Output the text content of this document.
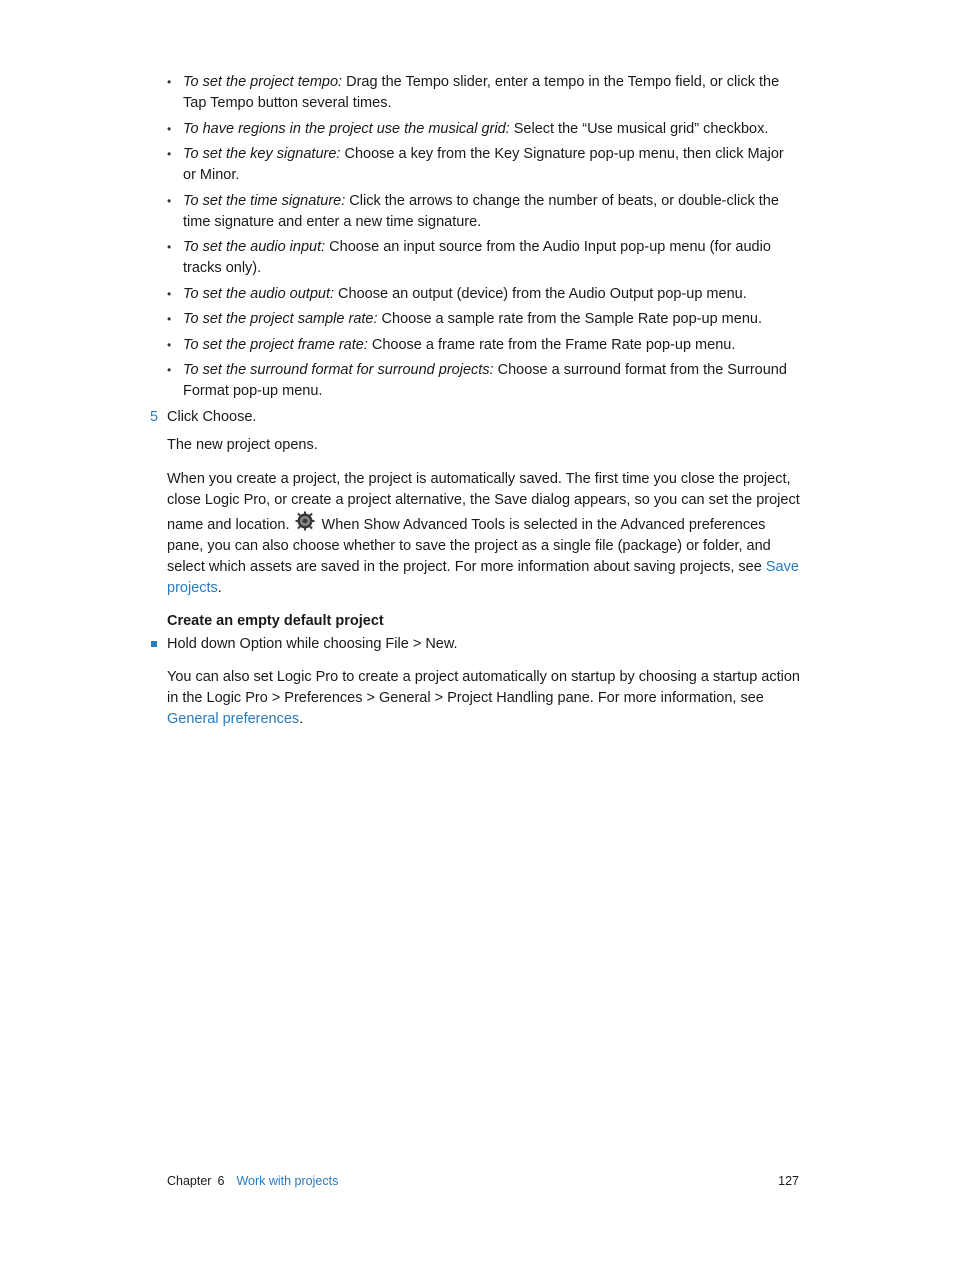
• To set the project tempo: Drag the Tempo slider, enter a tempo in the Tempo field, or click the Tap Tempo button several times.
• To have regions in the project use the musical grid: Select the “Use musical grid” checkbox.
• To set the key signature: Choose a key from the Key Signature pop-up menu, then click Major or Minor.
• To set the time signature: Click the arrows to change the number of beats, or double-click the time signature and enter a new time signature.
• To set the audio input: Choose an input source from the Audio Input pop-up menu (for audio tracks only).
• To set the audio output: Choose an output (device) from the Audio Output pop-up menu.
• To set the project sample rate: Choose a sample rate from the Sample Rate pop-up menu.
• To set the project frame rate: Choose a frame rate from the Frame Rate pop-up menu.
• To set the surround format for surround projects: Choose a surround format from the Surround Format pop-up menu.
5 Click Choose.

The new project opens.

When you create a project, the project is automatically saved. The first time you close the project, close Logic Pro, or create a project alternative, the Save dialog appears, so you can set the project name and location. When Show Advanced Tools is selected in the Advanced preferences pane, you can also choose whether to save the project as a single file (package) or folder, and select which assets are saved in the project. For more information about saving projects, see Save projects.

Create an empty default project
Hold down Option while choosing File > New.

You can also set Logic Pro to create a project automatically on startup by choosing a startup action in the Logic Pro > Preferences > General > Project Handling pane. For more information, see General preferences.

Chapter 6 Work with projects	127
